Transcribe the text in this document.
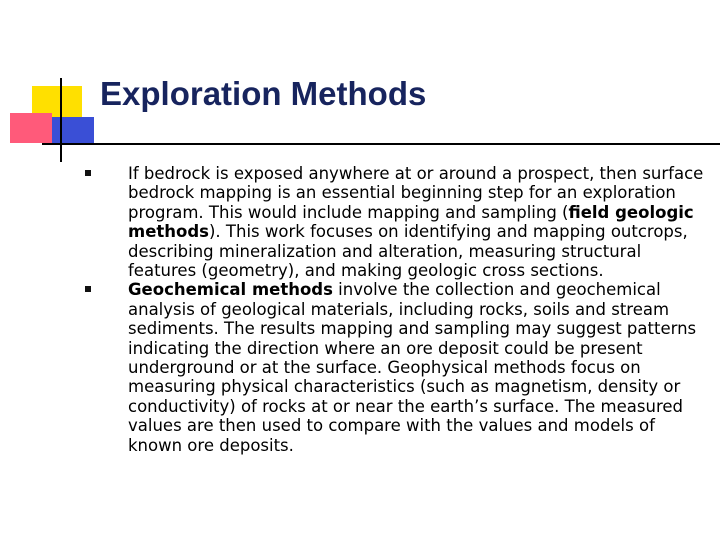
Exploration Methods
If bedrock is exposed anywhere at or around a prospect, then surface bedrock mapping is an essential beginning step for an exploration program. This would include mapping and sampling (field geologic methods). This work focuses on identifying and mapping outcrops, describing mineralization and alteration, measuring structural features (geometry), and making geologic cross sections.
Geochemical methods involve the collection and geochemical analysis of geological materials, including rocks, soils and stream sediments. The results mapping and sampling may suggest patterns indicating the direction where an ore deposit could be present underground or at the surface. Geophysical methods focus on measuring physical characteristics (such as magnetism, density or conductivity) of rocks at or near the earth’s surface. The measured values are then used to compare with the values and models of known ore deposits.
